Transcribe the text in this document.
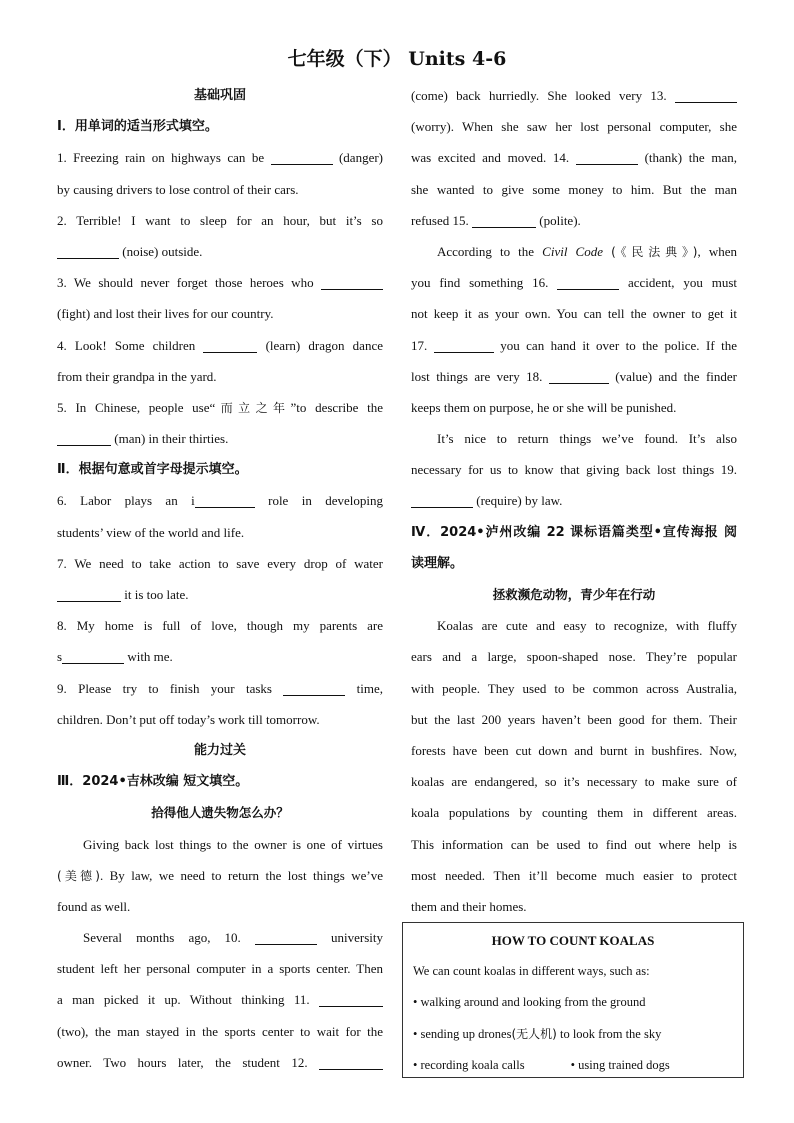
七年级（下） Units 4-6
基础巩固
Ⅰ．用单词的适当形式填空。
1. Freezing rain on highways can be	(danger)
by causing drivers to lose control of their cars.
2. Terrible! I want to sleep for an hour, but it’s so
(noise) outside.
3. We should never forget those heroes who
(fight) and lost their lives for our country.
4. Look! Some children	(learn) dragon dance
from their grandpa in the yard.
5. In Chinese, people use“而立之年”to describe the
(man) in their thirties.
Ⅱ．根据句意或首字母提示填空。
6. Labor plays an i	role in developing
students’ view of the world and life.
7. We need to take action to save every drop of water
it is too late.
8. My home is full of love, though my parents are
s	with me.
9. Please try to finish your tasks	time,
children. Don’t put off today’s work till tomorrow.
能力过关
Ⅲ．2024•吉林改编 短文填空。
拾得他人遗失物怎么办？
Giving back lost things to the owner is one of virtues
(美德). By law, we need to return the lost things we’ve
found as well.
Several months ago, 10.	university
student left her personal computer in a sports center. Then
a man picked it up. Without thinking 11.
(two), the man stayed in the sports center to wait for the
owner. Two hours later, the student 12.
(come) back hurriedly. She looked very 13.
(worry). When she saw her lost personal computer, she
was excited and moved. 14.	(thank) the man,
she wanted to give some money to him. But the man
refused 15.	(polite).
According to the Civil Code (《民法典》), when
you find something 16.	accident, you must
not keep it as your own. You can tell the owner to get it
17.	you can hand it over to the police. If the
lost things are very 18.	(value) and the finder
keeps them on purpose, he or she will be punished.
It’s nice to return things we’ve found. It’s also
necessary for us to know that giving back lost things 19.
(require) by law.
Ⅳ．2024•泸州改编 22 课标语篇类型•宣传海报 阅
读理解。
拯救濒危动物，青少年在行动
Koalas are cute and easy to recognize, with fluffy
ears and a large, spoon-shaped nose. They’re popular
with people. They used to be common across Australia,
but the last 200 years haven’t been good for them. Their
forests have been cut down and burnt in bushfires. Now,
koalas are endangered, so it’s necessary to make sure of
koala populations by counting them in different areas.
This information can be used to find out where help is
most needed. Then it’ll become much easier to protect
them and their homes.
HOW TO COUNT KOALAS
We can count koalas in different ways, such as:
• walking around and looking from the ground
• sending up drones(无人机) to look from the sky
• recording koala calls	• using trained dogs
